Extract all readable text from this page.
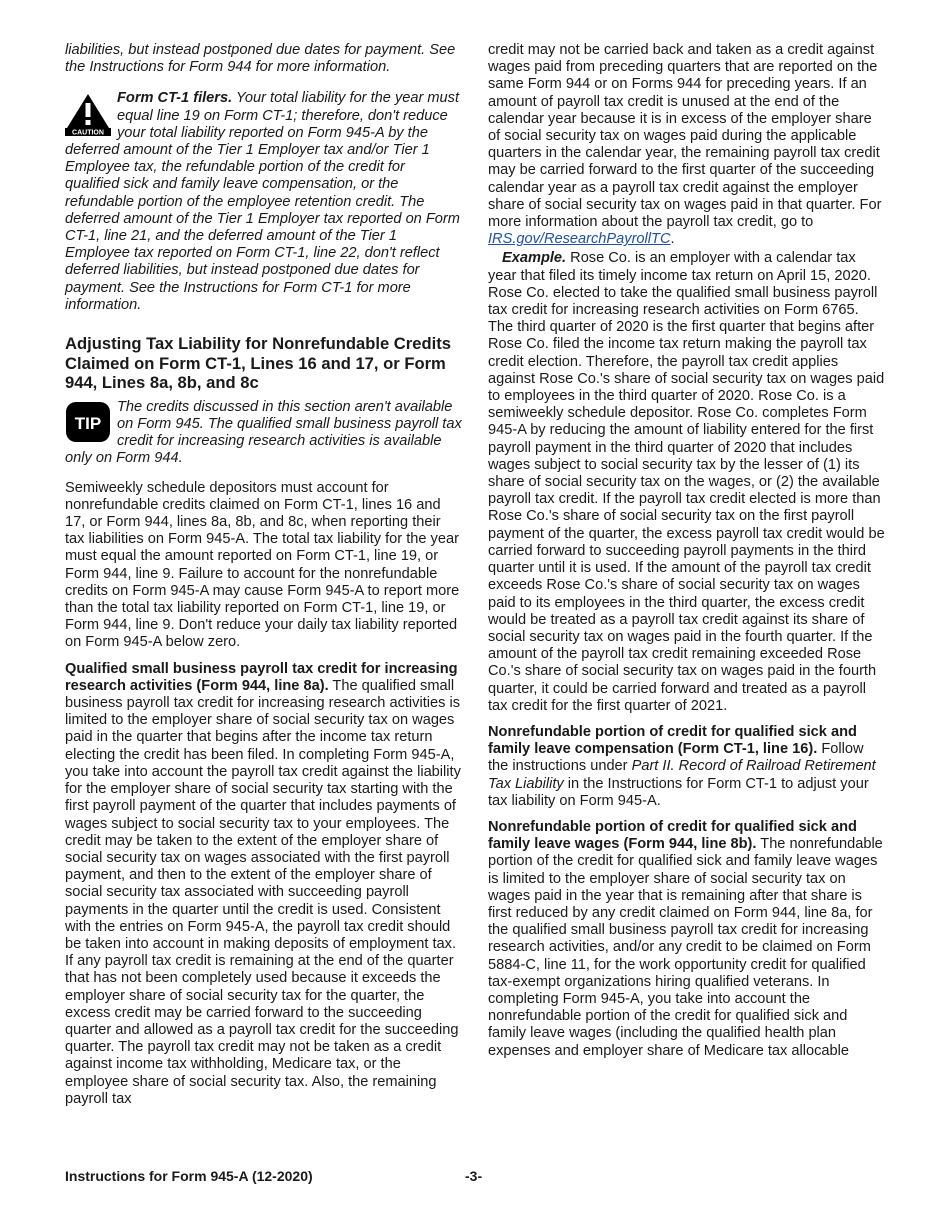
liabilities, but instead postponed due dates for payment. See the Instructions for Form 944 for more information.

CAUTION

Form CT-1 filers. Your total liability for the year must equal line 19 on Form CT-1; therefore, don't reduce your total liability reported on Form 945-A by the deferred amount of the Tier 1 Employer tax and/or Tier 1 Employee tax, the refundable portion of the credit for qualified sick and family leave compensation, or the refundable portion of the employee retention credit. The deferred amount of the Tier 1 Employer tax reported on Form CT-1, line 21, and the deferred amount of the Tier 1 Employee tax reported on Form CT-1, line 22, don't reflect deferred liabilities, but instead postponed due dates for payment. See the Instructions for Form CT-1 for more information.

Adjusting Tax Liability for Nonrefundable Credits Claimed on Form CT-1, Lines 16 and 17, or Form 944, Lines 8a, 8b, and 8c
TIP

The credits discussed in this section aren't available on Form 945. The qualified small business payroll tax credit for increasing research activities is available only on Form 944.

Semiweekly schedule depositors must account for nonrefundable credits claimed on Form CT-1, lines 16 and 17, or Form 944, lines 8a, 8b, and 8c, when reporting their tax liabilities on Form 945-A. The total tax liability for the year must equal the amount reported on Form CT-1, line 19, or Form 944, line 9. Failure to account for the nonrefundable credits on Form 945-A may cause Form 945-A to report more than the total tax liability reported on Form CT-1, line 19, or Form 944, line 9. Don't reduce your daily tax liability reported on Form 945-A below zero.

Qualified small business payroll tax credit for increasing research activities (Form 944, line 8a). The qualified small business payroll tax credit for increasing research activities is limited to the employer share of social security tax on wages paid in the quarter that begins after the income tax return electing the credit has been filed. In completing Form 945-A, you take into account the payroll tax credit against the liability for the employer share of social security tax starting with the first payroll payment of the quarter that includes payments of wages subject to social security tax to your employees. The credit may be taken to the extent of the employer share of social security tax on wages associated with the first payroll payment, and then to the extent of the employer share of social security tax associated with succeeding payroll payments in the quarter until the credit is used. Consistent with the entries on Form 945-A, the payroll tax credit should be taken into account in making deposits of employment tax. If any payroll tax credit is remaining at the end of the quarter that has not been completely used because it exceeds the employer share of social security tax for the quarter, the excess credit may be carried forward to the succeeding quarter and allowed as a payroll tax credit for the succeeding quarter. The payroll tax credit may not be taken as a credit against income tax withholding, Medicare tax, or the employee share of social security tax. Also, the remaining payroll tax

credit may not be carried back and taken as a credit against wages paid from preceding quarters that are reported on the same Form 944 or on Forms 944 for preceding years. If an amount of payroll tax credit is unused at the end of the calendar year because it is in excess of the employer share of social security tax on wages paid during the applicable quarters in the calendar year, the remaining payroll tax credit may be carried forward to the first quarter of the succeeding calendar year as a payroll tax credit against the employer share of social security tax on wages paid in that quarter. For more information about the payroll tax credit, go to IRS.gov/ResearchPayrollTC.

Example. Rose Co. is an employer with a calendar tax year that filed its timely income tax return on April 15, 2020. Rose Co. elected to take the qualified small business payroll tax credit for increasing research activities on Form 6765. The third quarter of 2020 is the first quarter that begins after Rose Co. filed the income tax return making the payroll tax credit election. Therefore, the payroll tax credit applies against Rose Co.'s share of social security tax on wages paid to employees in the third quarter of 2020. Rose Co. is a semiweekly schedule depositor. Rose Co. completes Form 945-A by reducing the amount of liability entered for the first payroll payment in the third quarter of 2020 that includes wages subject to social security tax by the lesser of (1) its share of social security tax on the wages, or (2) the available payroll tax credit. If the payroll tax credit elected is more than Rose Co.'s share of social security tax on the first payroll payment of the quarter, the excess payroll tax credit would be carried forward to succeeding payroll payments in the third quarter until it is used. If the amount of the payroll tax credit exceeds Rose Co.'s share of social security tax on wages paid to its employees in the third quarter, the excess credit would be treated as a payroll tax credit against its share of social security tax on wages paid in the fourth quarter. If the amount of the payroll tax credit remaining exceeded Rose Co.'s share of social security tax on wages paid in the fourth quarter, it could be carried forward and treated as a payroll tax credit for the first quarter of 2021.

Nonrefundable portion of credit for qualified sick and family leave compensation (Form CT-1, line 16). Follow the instructions under Part II. Record of Railroad Retirement Tax Liability in the Instructions for Form CT-1 to adjust your tax liability on Form 945-A.

Nonrefundable portion of credit for qualified sick and family leave wages (Form 944, line 8b). The nonrefundable portion of the credit for qualified sick and family leave wages is limited to the employer share of social security tax on wages paid in the year that is remaining after that share is first reduced by any credit claimed on Form 944, line 8a, for the qualified small business payroll tax credit for increasing research activities, and/or any credit to be claimed on Form 5884-C, line 11, for the work opportunity credit for qualified tax-exempt organizations hiring qualified veterans. In completing Form 945-A, you take into account the nonrefundable portion of the credit for qualified sick and family leave wages (including the qualified health plan expenses and employer share of Medicare tax allocable

Instructions for Form 945-A (12-2020)	-3-
